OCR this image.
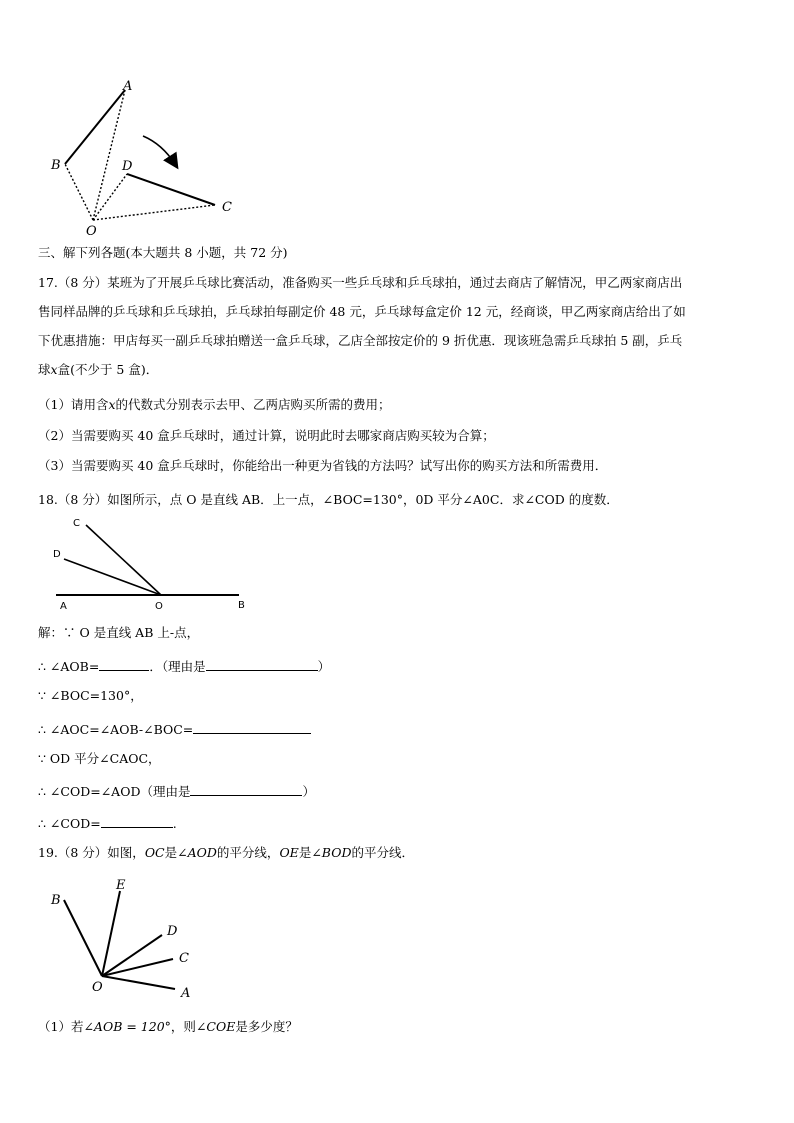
A
B	D
C
O
三、解下列各题(本大题共 8 小题，共 72 分)
17.（8 分）某班为了开展乒乓球比赛活动，准备购买一些乒乓球和乒乓球拍，通过去商店了解情况，甲乙两家商店出
售同样品牌的乒乓球和乒乓球拍，乒乓球拍每副定价 48 元，乒乓球每盒定价 12 元，经商谈，甲乙两家商店给出了如
下优惠措施：甲店每买一副乒乓球拍赠送一盒乒乓球，乙店全部按定价的 9 折优惠．现该班急需乒乓球拍 5 副，乒乓
球x盒(不少于 5 盒)．
（1）请用含x的代数式分别表示去甲、乙两店购买所需的费用；
（2）当需要购买 40 盒乒乓球时，通过计算，说明此时去哪家商店购买较为合算；
（3）当需要购买 40 盒乒乓球时，你能给出一种更为省钱的方法吗？试写出你的购买方法和所需费用．
18.（8 分）如图所示，点 O 是直线 AB．上一点，∠BOC=130°，0D 平分∠A0C．求∠COD 的度数．
C
D
A	O	B
解：∵ O 是直线 AB 上-点，
∴ ∠AOB=	．（理由是	）
∵ ∠BOC=130°，
∴ ∠AOC=∠AOB-∠BOC=
∵ OD 平分∠CAOC，
∴ ∠COD=∠AOD（理由是	）
∴ ∠COD=	.
19.（8 分）如图，OC是∠AOD的平分线，OE是∠BOD的平分线．
B
E
D
C
O	A
（1）若∠AOB = 120°，则∠COE是多少度？
